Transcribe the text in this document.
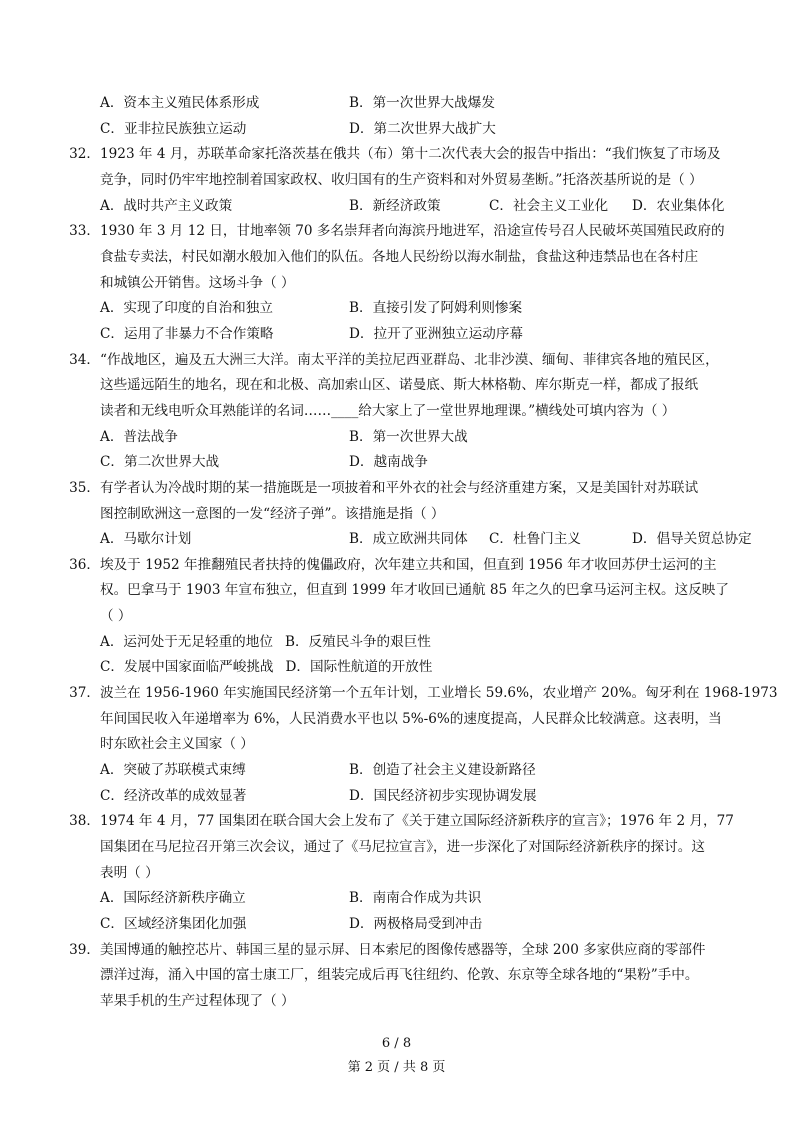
A．资本主义殖民体系形成	B．第一次世界大战爆发
C．亚非拉民族独立运动	D．第二次世界大战扩大
32． 1923 年 4 月，苏联革命家托洛茨基在俄共（布）第十二次代表大会的报告中指出：“我们恢复了市场及
竞争，同时仍牢牢地控制着国家政权、收归国有的生产资料和对外贸易垄断。”托洛茨基所说的是（ ）
A．战时共产主义政策	B．新经济政策	C．社会主义工业化 D．农业集体化
33． 1930 年 3 月 12 日，甘地率领 70 多名崇拜者向海滨丹地进军，沿途宣传号召人民破坏英国殖民政府的
食盐专卖法，村民如潮水般加入他们的队伍。各地人民纷纷以海水制盐，食盐这种违禁品也在各村庄
和城镇公开销售。这场斗争（ ）
A．实现了印度的自治和独立	B．直接引发了阿姆利则惨案
C．运用了非暴力不合作策略	D．拉开了亚洲独立运动序幕
34． “作战地区，遍及五大洲三大洋。南太平洋的美拉尼西亚群岛、北非沙漠、缅甸、菲律宾各地的殖民区，
这些遥远陌生的地名，现在和北极、高加索山区、诺曼底、斯大林格勒、库尔斯克一样，都成了报纸
读者和无线电听众耳熟能详的名词……____给大家上了一堂世界地理课。”横线处可填内容为（ ）
A．普法战争	B．第一次世界大战
C．第二次世界大战	D．越南战争
35． 有学者认为冷战时期的某一措施既是一项披着和平外衣的社会与经济重建方案，又是美国针对苏联试
图控制欧洲这一意图的一发“经济子弹”。该措施是指（ ）
A．马歇尔计划	B．成立欧洲共同体 C．杜鲁门主义	D．倡导关贸总协定
36． 埃及于 1952 年推翻殖民者扶持的傀儡政府，次年建立共和国，但直到 1956 年才收回苏伊士运河的主
权。巴拿马于 1903 年宣布独立，但直到 1999 年才收回已通航 85 年之久的巴拿马运河主权。这反映了
（ ）
A．运河处于无足轻重的地位 B．反殖民斗争的艰巨性
C．发展中国家面临严峻挑战 D．国际性航道的开放性
37． 波兰在 1956-1960 年实施国民经济第一个五年计划，工业增长 59.6%，农业增产 20%。匈牙利在 1968-1973
年间国民收入年递增率为 6%，人民消费水平也以 5%-6%的速度提高，人民群众比较满意。这表明，当
时东欧社会主义国家（ ）
A．突破了苏联模式束缚	B．创造了社会主义建设新路径
C．经济改革的成效显著	D．国民经济初步实现协调发展
38． 1974 年 4 月，77 国集团在联合国大会上发布了《关于建立国际经济新秩序的宣言》；1976 年 2 月，77
国集团在马尼拉召开第三次会议，通过了《马尼拉宣言》，进一步深化了对国际经济新秩序的探讨。这
表明（ ）
A．国际经济新秩序确立	B．南南合作成为共识
C．区域经济集团化加强	D．两极格局受到冲击
39． 美国博通的触控芯片、韩国三星的显示屏、日本索尼的图像传感器等，全球 200 多家供应商的零部件
漂洋过海，涌入中国的富士康工厂，组装完成后再飞往纽约、伦敦、东京等全球各地的“果粉”手中。
苹果手机的生产过程体现了（ ）
6 / 8
第 2 页 / 共 8 页
